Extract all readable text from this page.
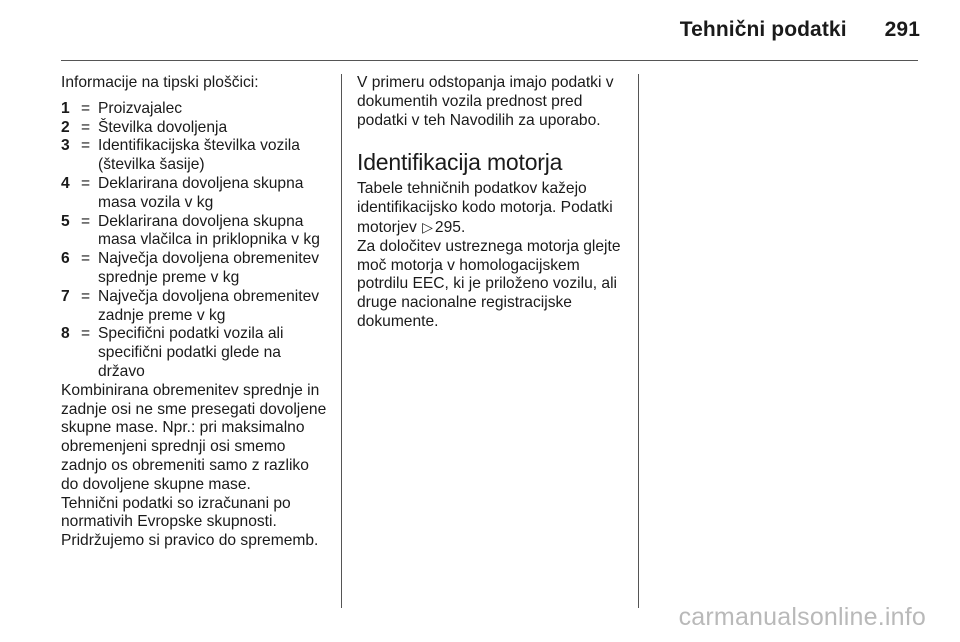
Tehnični podatki 291
Informacije na tipski ploščici:
1 = Proizvajalec
2 = Številka dovoljenja
3 = Identifikacijska številka vozila (številka šasije)
4 = Deklarirana dovoljena skupna masa vozila v kg
5 = Deklarirana dovoljena skupna masa vlačilca in priklopnika v kg
6 = Največja dovoljena obremenitev sprednje preme v kg
7 = Največja dovoljena obremenitev zadnje preme v kg
8 = Specifični podatki vozila ali specifični podatki glede na državo

Kombinirana obremenitev sprednje in zadnje osi ne sme presegati dovoljene skupne mase. Npr.: pri maksimalno obremenjeni sprednji osi smemo zadnjo os obremeniti samo z razliko do dovoljene skupne mase.

Tehnični podatki so izračunani po normativih Evropske skupnosti. Pridržujemo si pravico do sprememb.

V primeru odstopanja imajo podatki v dokumentih vozila prednost pred podatki v teh Navodilih za uporabo.

Identifikacija motorja

Tabele tehničnih podatkov kažejo identifikacijsko kodo motorja. Podatki motorjev ▷ 295.

Za določitev ustreznega motorja glejte moč motorja v homologacijskem potrdilu EEC, ki je priloženo vozilu, ali druge nacionalne registracijske dokumente.

carmanualsonline.info
